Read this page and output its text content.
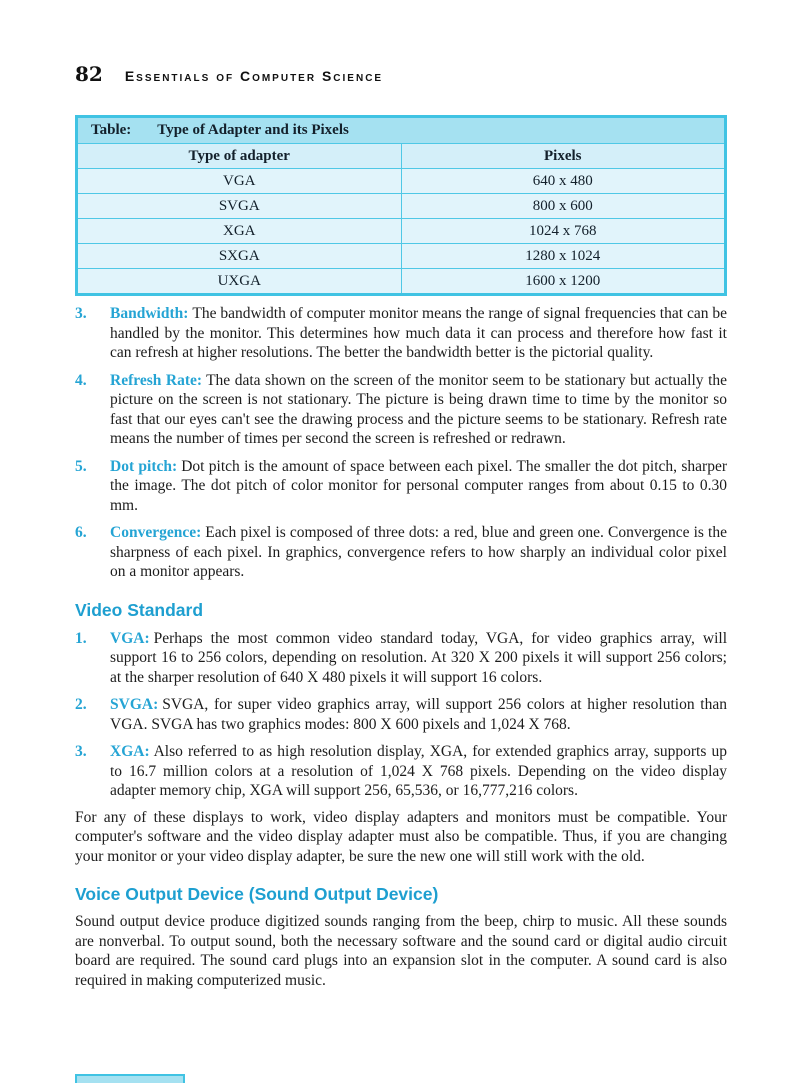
82 Essentials of Computer Science
Table: Type of Adapter and its Pixels	
Type of adapter	Pixels
VGA	640 x 480
SVGA	800 x 600
XGA	1024 x 768
SXGA	1280 x 1024
UXGA	1600 x 1200
3.	Bandwidth: The bandwidth of computer monitor means the range of signal frequencies that can be handled by the monitor. This determines how much data it can process and therefore how fast it can refresh at higher resolutions. The better the bandwidth better is the pictorial quality.
4.	Refresh Rate: The data shown on the screen of the monitor seem to be stationary but actually the picture on the screen is not stationary. The picture is being drawn time to time by the monitor so fast that our eyes can't see the drawing process and the picture seems to be stationary. Refresh rate means the number of times per second the screen is refreshed or redrawn.
5.	Dot pitch: Dot pitch is the amount of space between each pixel. The smaller the dot pitch, sharper the image. The dot pitch of color monitor for personal computer ranges from about 0.15 to 0.30 mm.
6.	Convergence: Each pixel is composed of three dots: a red, blue and green one. Convergence is the sharpness of each pixel. In graphics, convergence refers to how sharply an individual color pixel on a monitor appears.
Video Standard
1.	VGA: Perhaps the most common video standard today, VGA, for video graphics array, will support 16 to 256 colors, depending on resolution. At 320 X 200 pixels it will support 256 colors; at the sharper resolution of 640 X 480 pixels it will support 16 colors.
2.	SVGA: SVGA, for super video graphics array, will support 256 colors at higher resolution than VGA. SVGA has two graphics modes: 800 X 600 pixels and 1,024 X 768.
3.	XGA: Also referred to as high resolution display, XGA, for extended graphics array, supports up to 16.7 million colors at a resolution of 1,024 X 768 pixels. Depending on the video display adapter memory chip, XGA will support 256, 65,536, or 16,777,216 colors.
For any of these displays to work, video display adapters and monitors must be compatible. Your computer's software and the video display adapter must also be compatible. Thus, if you are changing your monitor or your video display adapter, be sure the new one will still work with the old.
Voice Output Device (Sound Output Device)
Sound output device produce digitized sounds ranging from the beep, chirp to music. All these sounds are nonverbal. To output sound, both the necessary software and the sound card or digital audio circuit board are required. The sound card plugs into an expansion slot in the computer. A sound card is also required in making computerized music.
